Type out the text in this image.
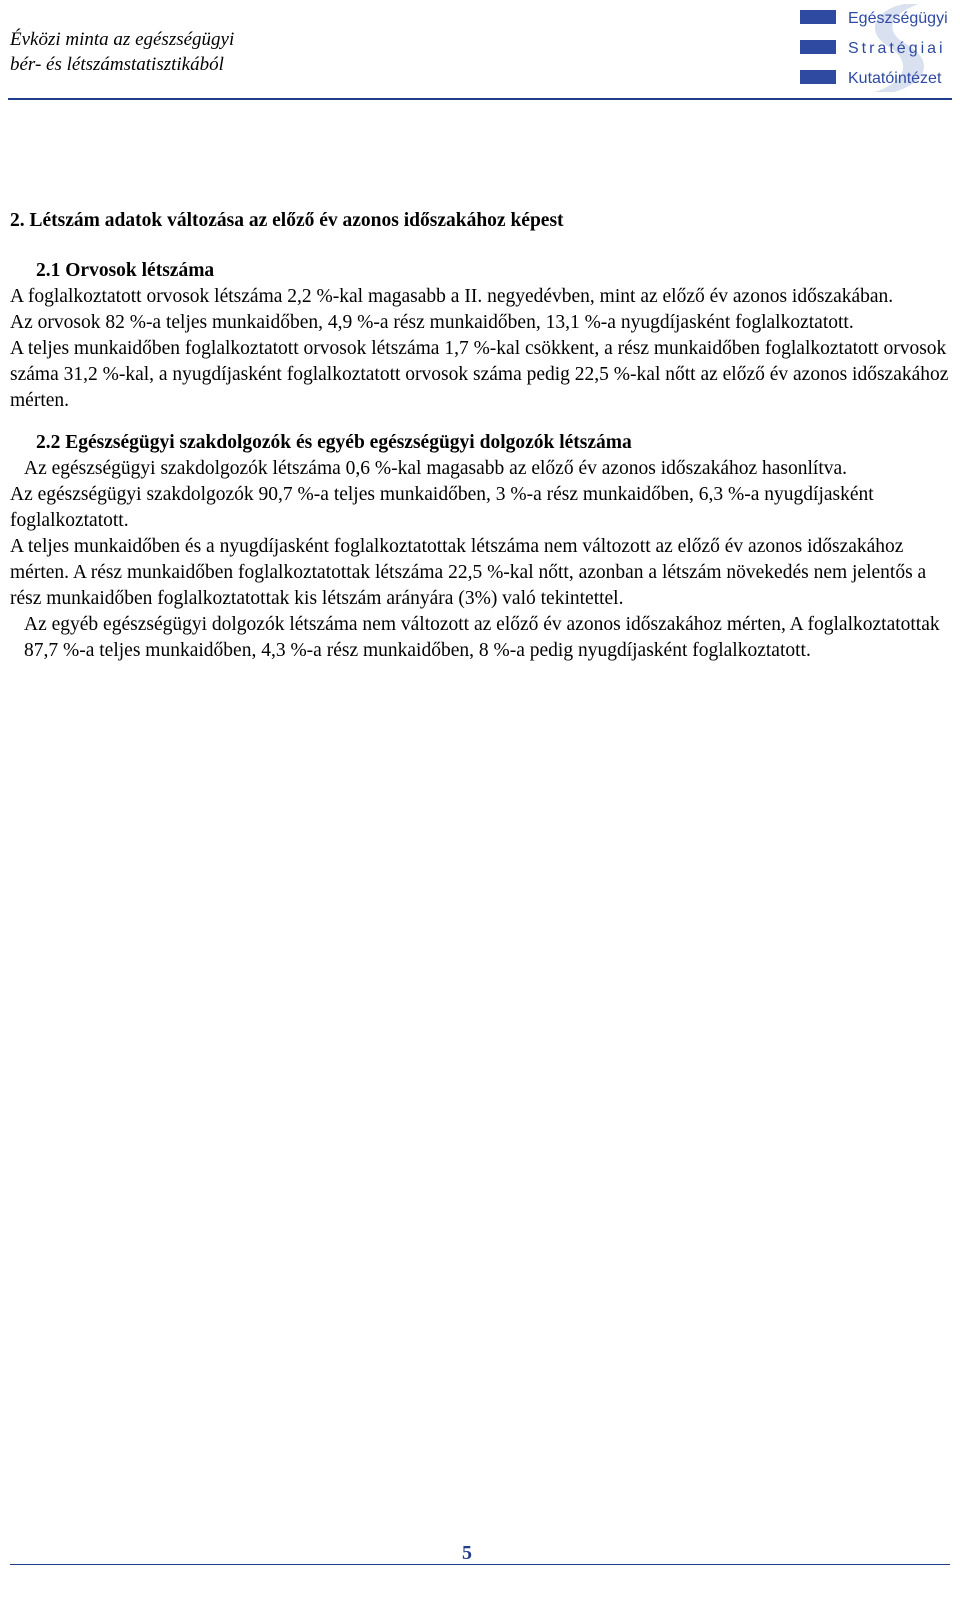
Évközi minta az egészségügyi
bér- és létszámstatisztikából
Egészségügyi
Stratégiai
Kutatóintézet
2. Létszám adatok változása az előző év azonos időszakához képest
2.1 Orvosok létszáma

A foglalkoztatott orvosok létszáma 2,2 %-kal magasabb a II. negyedévben, mint az előző év azonos időszakában.

Az orvosok 82 %-a teljes munkaidőben, 4,9 %-a rész munkaidőben, 13,1 %-a nyugdíjasként foglalkoztatott.

A teljes munkaidőben foglalkoztatott orvosok létszáma 1,7 %-kal csökkent, a rész munkaidőben foglalkoztatott orvosok száma 31,2 %-kal, a nyugdíjasként foglalkoztatott orvosok száma pedig 22,5 %-kal nőtt az előző év azonos időszakához mérten.

2.2 Egészségügyi szakdolgozók és egyéb egészségügyi dolgozók létszáma

Az egészségügyi szakdolgozók létszáma 0,6 %-kal magasabb az előző év azonos időszakához hasonlítva.

Az egészségügyi szakdolgozók 90,7 %-a teljes munkaidőben, 3 %-a rész munkaidőben, 6,3 %-a nyugdíjasként foglalkoztatott.

A teljes munkaidőben és a nyugdíjasként foglalkoztatottak létszáma nem változott az előző év azonos időszakához mérten. A rész munkaidőben foglalkoztatottak létszáma 22,5 %-kal nőtt, azonban a létszám növekedés nem jelentős a rész munkaidőben foglalkoztatottak kis létszám arányára (3%) való tekintettel.

Az egyéb egészségügyi dolgozók létszáma nem változott az előző év azonos időszakához mérten, A foglalkoztatottak 87,7 %-a teljes munkaidőben, 4,3 %-a rész munkaidőben, 8 %-a pedig nyugdíjasként foglalkoztatott.

5
